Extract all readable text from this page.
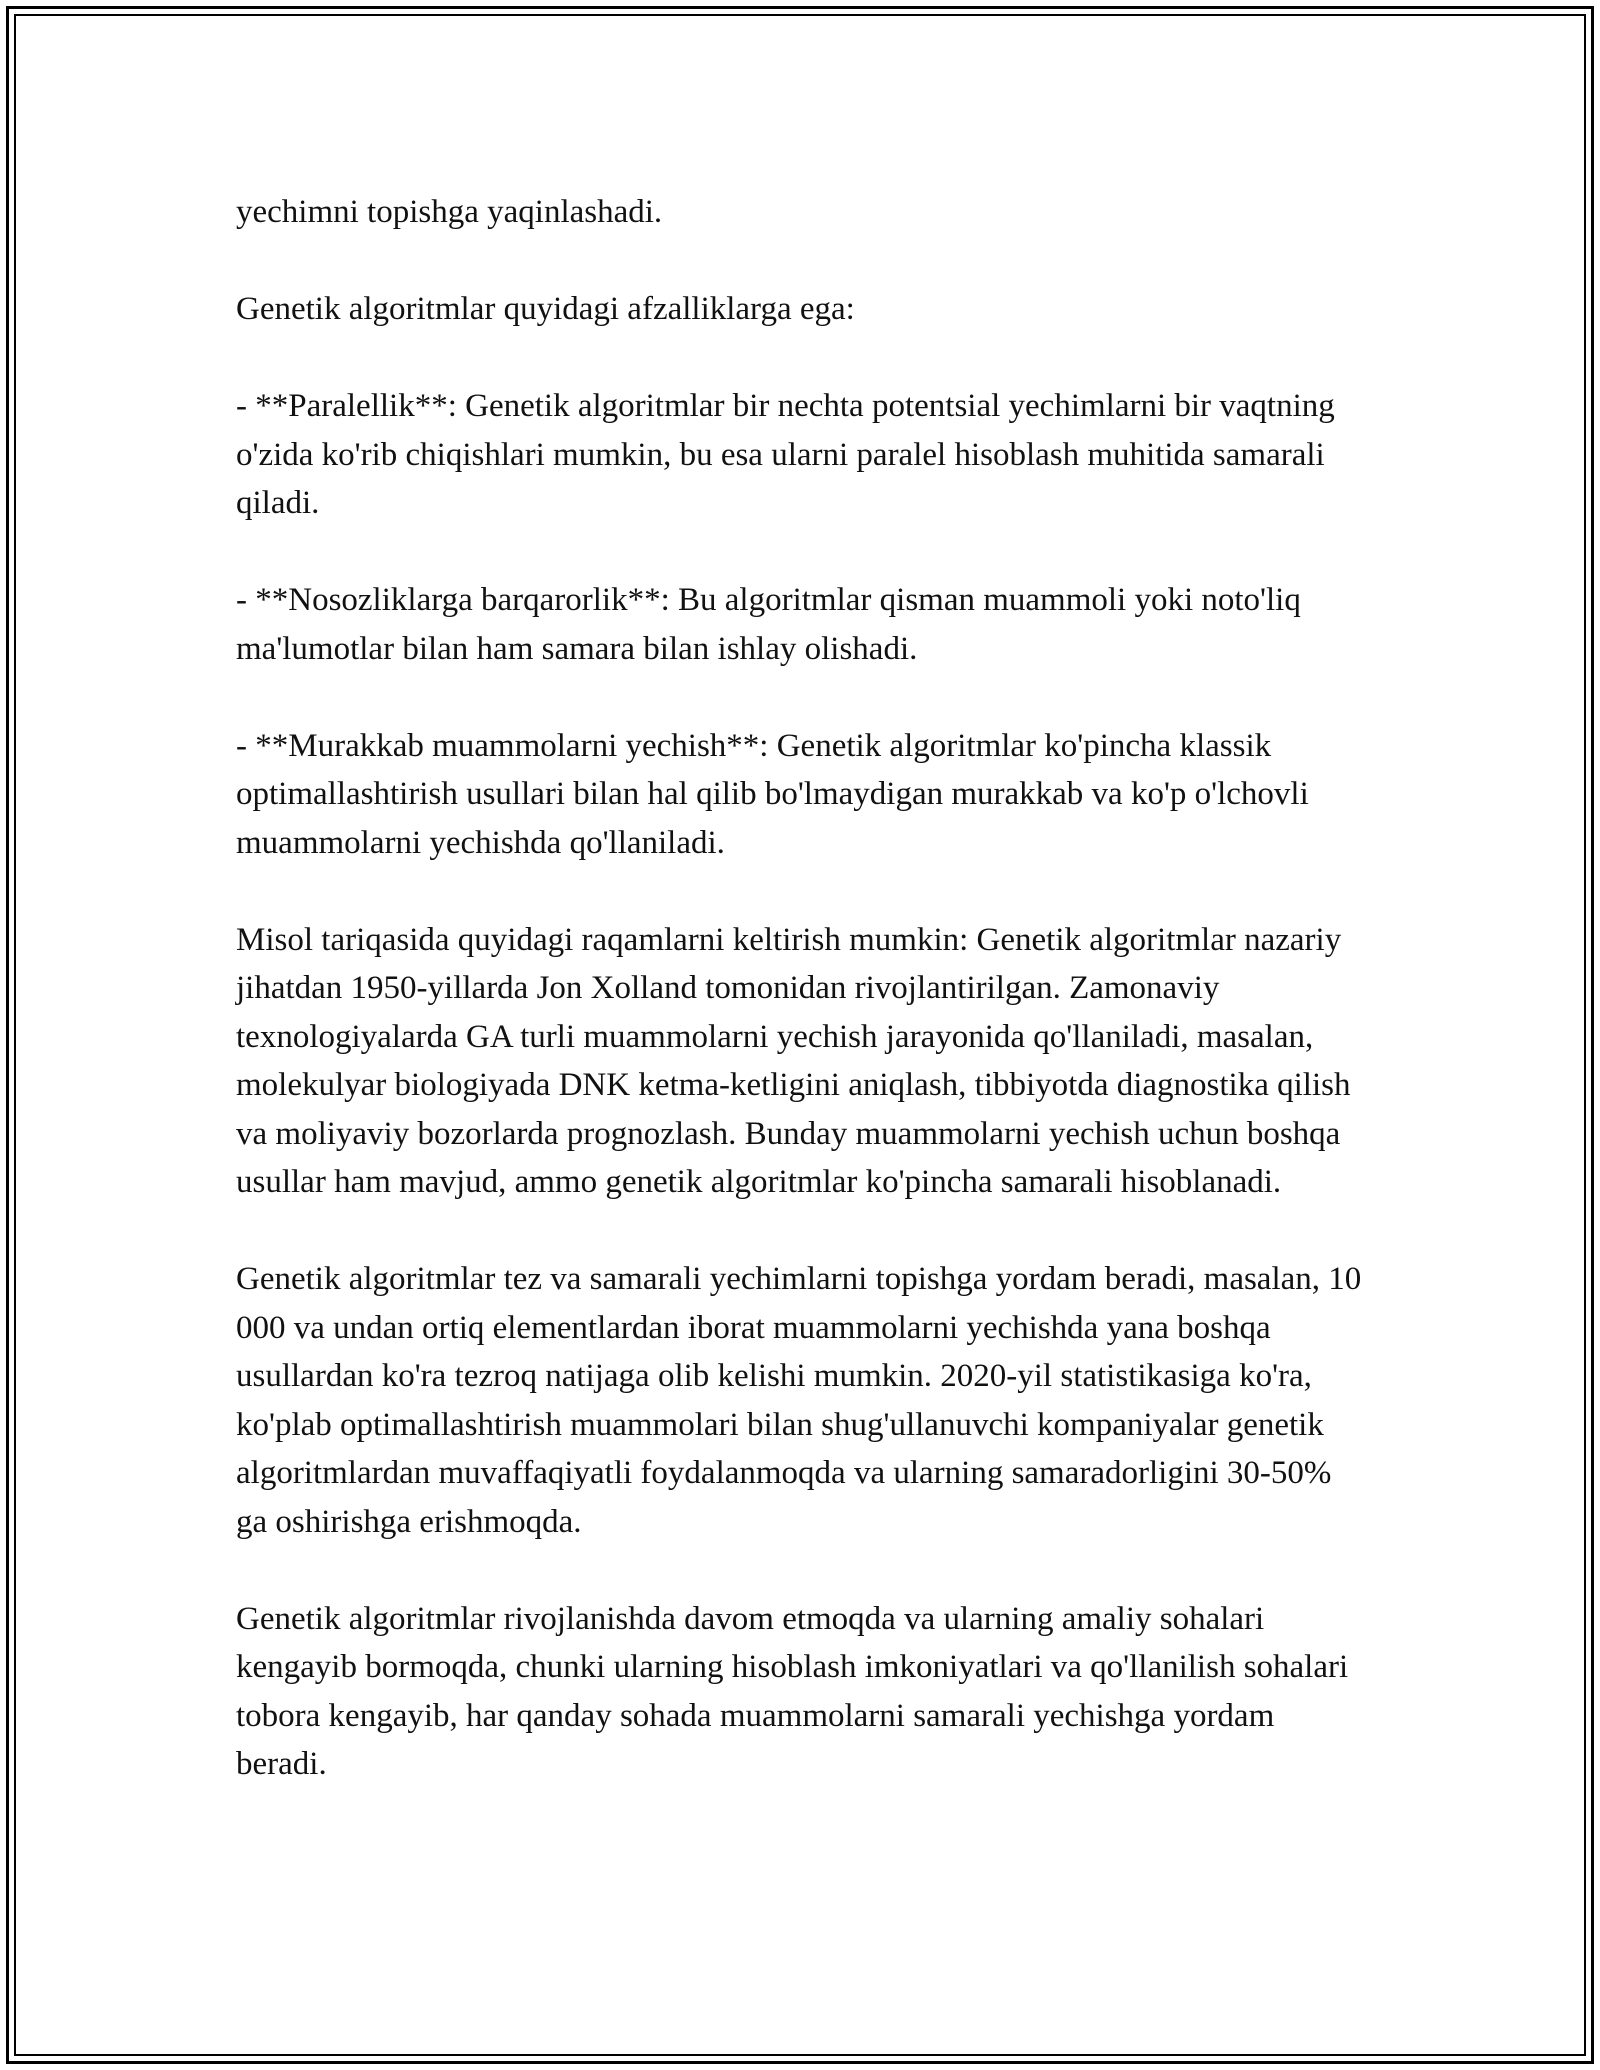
yechimni topishga yaqinlashadi.

Genetik algoritmlar quyidagi afzalliklarga ega:

- **Paralellik**: Genetik algoritmlar bir nechta potentsial yechimlarni bir vaqtning o'zida ko'rib chiqishlari mumkin, bu esa ularni paralel hisoblash muhitida samarali qiladi.

- **Nosozliklarga barqarorlik**: Bu algoritmlar qisman muammoli yoki noto'liq ma'lumotlar bilan ham samara bilan ishlay olishadi.

- **Murakkab muammolarni yechish**: Genetik algoritmlar ko'pincha klassik optimallashtirish usullari bilan hal qilib bo'lmaydigan murakkab va ko'p o'lchovli muammolarni yechishda qo'llaniladi.

Misol tariqasida quyidagi raqamlarni keltirish mumkin: Genetik algoritmlar nazariy jihatdan 1950-yillarda Jon Xolland tomonidan rivojlantirilgan. Zamonaviy texnologiyalarda GA turli muammolarni yechish jarayonida qo'llaniladi, masalan, molekulyar biologiyada DNK ketma-ketligini aniqlash, tibbiyotda diagnostika qilish va moliyaviy bozorlarda prognozlash. Bunday muammolarni yechish uchun boshqa usullar ham mavjud, ammo genetik algoritmlar ko'pincha samarali hisoblanadi.

Genetik algoritmlar tez va samarali yechimlarni topishga yordam beradi, masalan, 10 000 va undan ortiq elementlardan iborat muammolarni yechishda yana boshqa usullardan ko'ra tezroq natijaga olib kelishi mumkin. 2020-yil statistikasiga ko'ra, ko'plab optimallashtirish muammolari bilan shug'ullanuvchi kompaniyalar genetik algoritmlardan muvaffaqiyatli foydalanmoqda va ularning samaradorligini 30-50% ga oshirishga erishmoqda.

Genetik algoritmlar rivojlanishda davom etmoqda va ularning amaliy sohalari kengayib bormoqda, chunki ularning hisoblash imkoniyatlari va qo'llanilish sohalari tobora kengayib, har qanday sohada muammolarni samarali yechishga yordam beradi.
